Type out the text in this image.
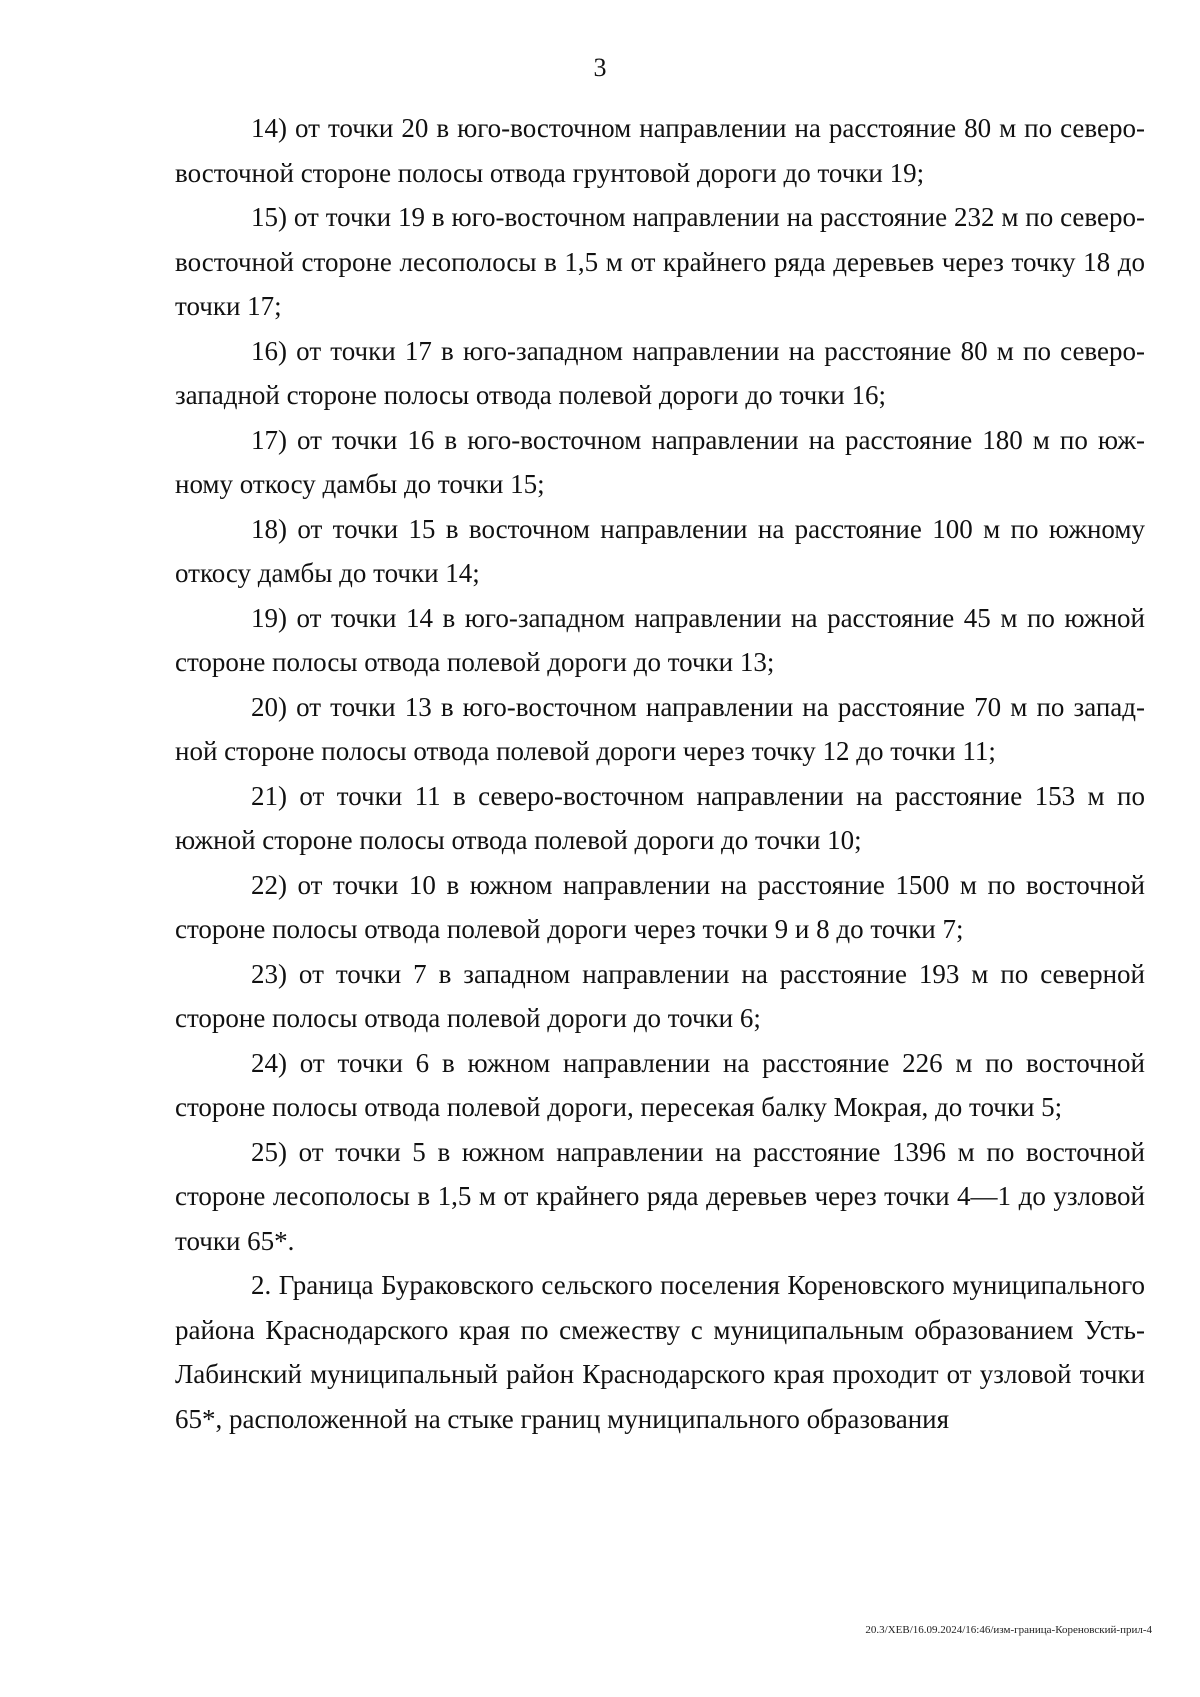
3

14) от точки 20 в юго-восточном направлении на расстояние 80 м по северо-восточной стороне полосы отвода грунтовой дороги до точки 19;

15) от точки 19 в юго-восточном направлении на расстояние 232 м по северо-восточной стороне лесополосы в 1,5 м от крайнего ряда деревьев через точку 18 до точки 17;

16) от точки 17 в юго-западном направлении на расстояние 80 м по северо-западной стороне полосы отвода полевой дороги до точки 16;

17) от точки 16 в юго-восточном направлении на расстояние 180 м по южному откосу дамбы до точки 15;

18) от точки 15 в восточном направлении на расстояние 100 м по южному откосу дамбы до точки 14;

19) от точки 14 в юго-западном направлении на расстояние 45 м по южной стороне полосы отвода полевой дороги до точки 13;

20) от точки 13 в юго-восточном направлении на расстояние 70 м по западной стороне полосы отвода полевой дороги через точку 12 до точки 11;

21) от точки 11 в северо-восточном направлении на расстояние 153 м по южной стороне полосы отвода полевой дороги до точки 10;

22) от точки 10 в южном направлении на расстояние 1500 м по восточной стороне полосы отвода полевой дороги через точки 9 и 8 до точки 7;

23) от точки 7 в западном направлении на расстояние 193 м по северной стороне полосы отвода полевой дороги до точки 6;

24) от точки 6 в южном направлении на расстояние 226 м по восточной стороне полосы отвода полевой дороги, пересекая балку Мокрая, до точки 5;

25) от точки 5 в южном направлении на расстояние 1396 м по восточной стороне лесополосы в 1,5 м от крайнего ряда деревьев через точки 4—1 до узловой точки 65*.

2. Граница Бураковского сельского поселения Кореновского муниципального района Краснодарского края по смежеству с муниципальным образованием Усть-Лабинский муниципальный район Краснодарского края проходит от узловой точки 65*, расположенной на стыке границ муниципального образования

20.3/ХЕВ/16.09.2024/16:46/изм-граница-Кореновский-прил-4
